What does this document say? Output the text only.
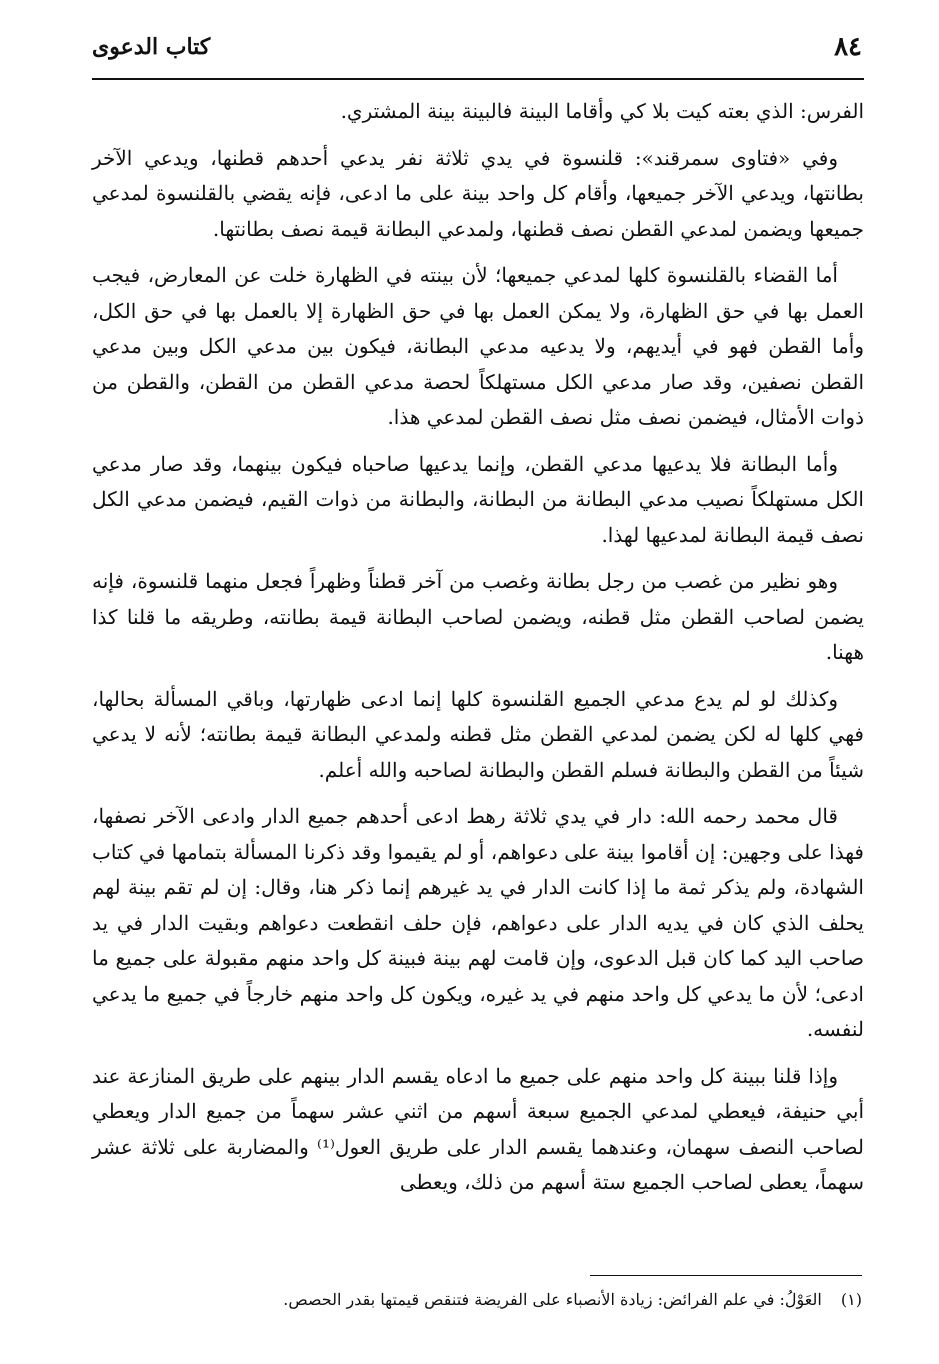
٨٤
كتاب الدعوى

الفرس: الذي بعته كيت بلا كي وأقاما البينة فالبينة بينة المشتري.

وفي «فتاوى سمرقند»: قلنسوة في يدي ثلاثة نفر يدعي أحدهم قطنها، ويدعي الآخر بطانتها، ويدعي الآخر جميعها، وأقام كل واحد بينة على ما ادعى، فإنه يقضي بالقلنسوة لمدعي جميعها ويضمن لمدعي القطن نصف قطنها، ولمدعي البطانة قيمة نصف بطانتها.

أما القضاء بالقلنسوة كلها لمدعي جميعها؛ لأن بينته في الظهارة خلت عن المعارض، فيجب العمل بها في حق الظهارة، ولا يمكن العمل بها في حق الظهارة إلا بالعمل بها في حق الكل، وأما القطن فهو في أيديهم، ولا يدعيه مدعي البطانة، فيكون بين مدعي الكل وبين مدعي القطن نصفين، وقد صار مدعي الكل مستهلكاً لحصة مدعي القطن من القطن، والقطن من ذوات الأمثال، فيضمن نصف مثل نصف القطن لمدعي هذا.

وأما البطانة فلا يدعيها مدعي القطن، وإنما يدعيها صاحباه فيكون بينهما، وقد صار مدعي الكل مستهلكاً نصيب مدعي البطانة من البطانة، والبطانة من ذوات القيم، فيضمن مدعي الكل نصف قيمة البطانة لمدعيها لهذا.

وهو نظير من غصب من رجل بطانة وغصب من آخر قطناً وظهراً فجعل منهما قلنسوة، فإنه يضمن لصاحب القطن مثل قطنه، ويضمن لصاحب البطانة قيمة بطانته، وطريقه ما قلنا كذا ههنا.

وكذلك لو لم يدع مدعي الجميع القلنسوة كلها إنما ادعى ظهارتها، وباقي المسألة بحالها، فهي كلها له لكن يضمن لمدعي القطن مثل قطنه ولمدعي البطانة قيمة بطانته؛ لأنه لا يدعي شيئاً من القطن والبطانة فسلم القطن والبطانة لصاحبه والله أعلم.

قال محمد رحمه الله: دار في يدي ثلاثة رهط ادعى أحدهم جميع الدار وادعى الآخر نصفها، فهذا على وجهين: إن أقاموا بينة على دعواهم، أو لم يقيموا وقد ذكرنا المسألة بتمامها في كتاب الشهادة، ولم يذكر ثمة ما إذا كانت الدار في يد غيرهم إنما ذكر هنا، وقال: إن لم تقم بينة لهم يحلف الذي كان في يديه الدار على دعواهم، فإن حلف انقطعت دعواهم وبقيت الدار في يد صاحب اليد كما كان قبل الدعوى، وإن قامت لهم بينة فبينة كل واحد منهم مقبولة على جميع ما ادعى؛ لأن ما يدعي كل واحد منهم في يد غيره، ويكون كل واحد منهم خارجاً في جميع ما يدعي لنفسه.

وإذا قلنا ببينة كل واحد منهم على جميع ما ادعاه يقسم الدار بينهم على طريق المنازعة عند أبي حنيفة، فيعطي لمدعي الجميع سبعة أسهم من اثني عشر سهماً من جميع الدار ويعطي لصاحب النصف سهمان، وعندهما يقسم الدار على طريق العول⁽¹⁾ والمضاربة على ثلاثة عشر سهماً، يعطى لصاحب الجميع ستة أسهم من ذلك، ويعطى

(١) العَوْلُ: في علم الفرائض: زيادة الأنصباء على الفريضة فتنقص قيمتها بقدر الحصص.
